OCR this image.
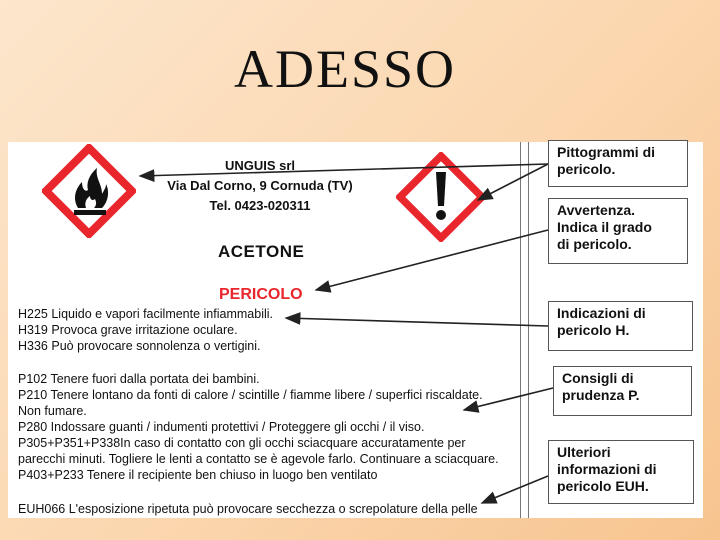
ADESSO
UNGUIS srl
Via Dal Corno, 9 Cornuda (TV)
Tel. 0423-020311
ACETONE
PERICOLO
H225 Liquido e vapori facilmente infiammabili.
H319 Provoca grave irritazione oculare.
H336 Può provocare sonnolenza o vertigini.
P102 Tenere fuori dalla portata dei bambini.
P210 Tenere lontano da fonti di calore / scintille / fiamme libere / superfici riscaldate.
Non fumare.
P280 Indossare guanti / indumenti protettivi / Proteggere gli occhi / il viso.
P305+P351+P338In caso di contatto con gli occhi sciacquare accuratamente per
parecchi minuti. Togliere le lenti a contatto se è agevole farlo. Continuare a sciacquare.
P403+P233 Tenere il recipiente ben chiuso in luogo ben ventilato
EUH066 L'esposizione ripetuta può provocare secchezza o screpolature della pelle
Pittogrammi di
pericolo.
Avvertenza.
Indica il grado
di pericolo.
Indicazioni di
pericolo H.
Consigli di
prudenza P.
Ulteriori
informazioni di
pericolo EUH.
